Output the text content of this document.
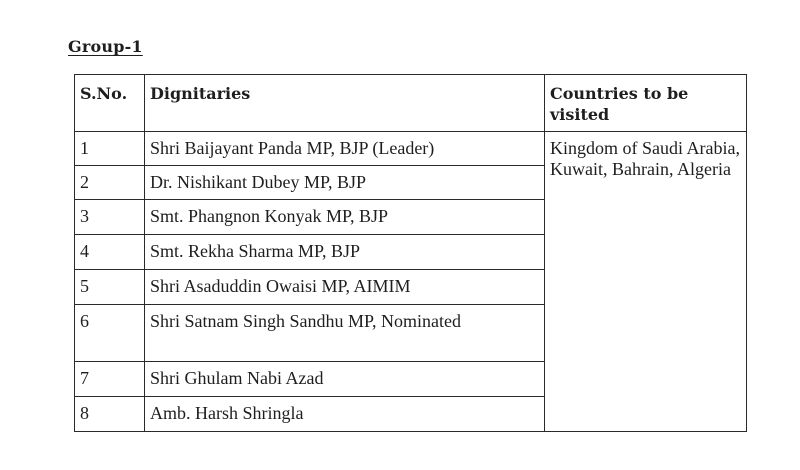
Group-1
S.No.	Dignitaries	Countries to be visited
1	Shri Baijayant Panda MP, BJP (Leader)	Kingdom of Saudi Arabia, Kuwait, Bahrain, Algeria
2	Dr. Nishikant Dubey MP, BJP	
3	Smt. Phangnon Konyak MP, BJP	
4	Smt. Rekha Sharma MP, BJP	
5	Shri Asaduddin Owaisi MP, AIMIM	
6	Shri Satnam Singh Sandhu MP, Nominated	
7	Shri Ghulam Nabi Azad	
8	Amb. Harsh Shringla	
